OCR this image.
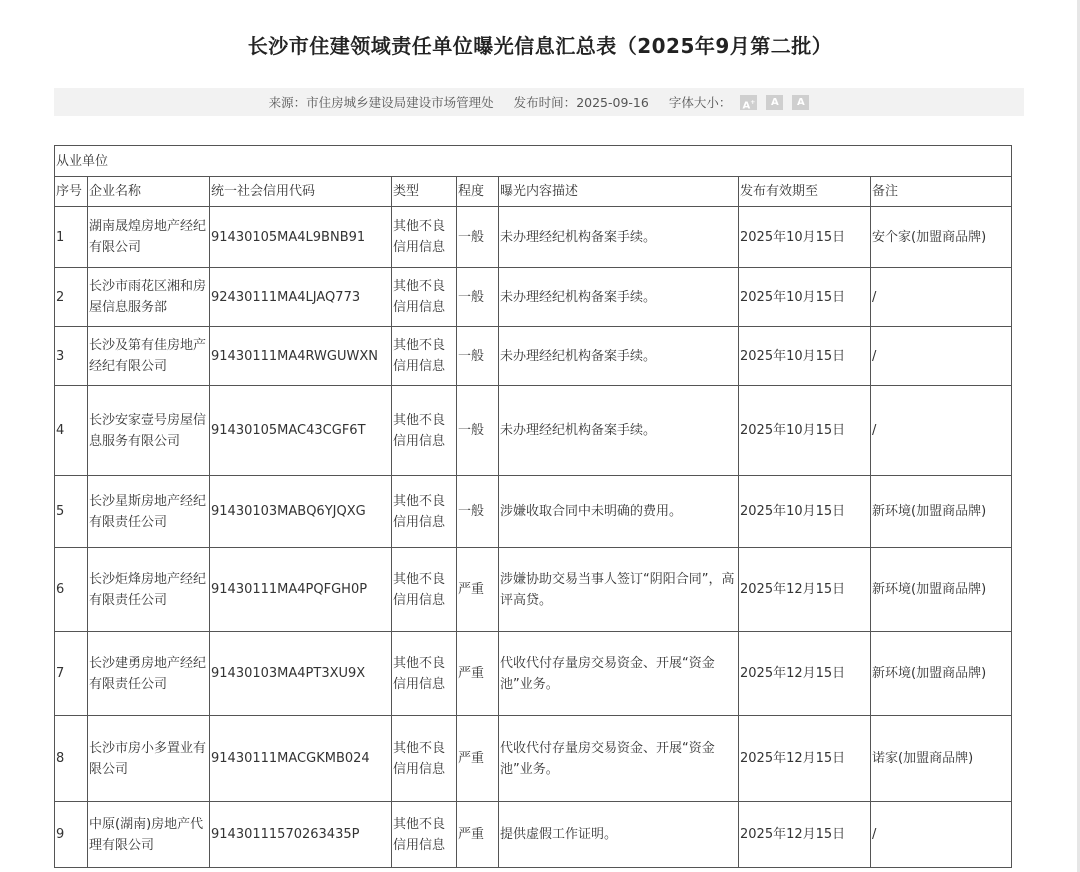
长沙市住建领域责任单位曝光信息汇总表（2025年9月第二批）
来源： 市住房城乡建设局建设市场管理处 发布时间： 2025-09-16 字体大小： A+	A	A
从业单位							
序号	企业名称	统一社会信用代码	类型	程度	曝光内容描述	发布有效期至	备注
1	湖南晟煌房地产经纪有限公司	91430105MA4L9BNB91	其他不良信用信息	一般	未办理经纪机构备案手续。	2025年10月15日	安个家(加盟商品牌)
2	长沙市雨花区湘和房屋信息服务部	92430111MA4LJAQ773	其他不良信用信息	一般	未办理经纪机构备案手续。	2025年10月15日	/
3	长沙及第有佳房地产经纪有限公司	91430111MA4RWGUWXN	其他不良信用信息	一般	未办理经纪机构备案手续。	2025年10月15日	/
4	长沙安家壹号房屋信息服务有限公司	91430105MAC43CGF6T	其他不良信用信息	一般	未办理经纪机构备案手续。	2025年10月15日	/
5	长沙星斯房地产经纪有限责任公司	91430103MABQ6YJQXG	其他不良信用信息	一般	涉嫌收取合同中未明确的费用。	2025年10月15日	新环境(加盟商品牌)
6	长沙炬烽房地产经纪有限责任公司	91430111MA4PQFGH0P	其他不良信用信息	严重	涉嫌协助交易当事人签订“阴阳合同”，高评高贷。	2025年12月15日	新环境(加盟商品牌)
7	长沙建勇房地产经纪有限责任公司	91430103MA4PT3XU9X	其他不良信用信息	严重	代收代付存量房交易资金、开展“资金池”业务。	2025年12月15日	新环境(加盟商品牌)
8	长沙市房小多置业有限公司	91430111MACGKMB024	其他不良信用信息	严重	代收代付存量房交易资金、开展“资金池”业务。	2025年12月15日	诺家(加盟商品牌)
9	中原(湖南)房地产代理有限公司	91430111570263435P	其他不良信用信息	严重	提供虚假工作证明。	2025年12月15日	/
